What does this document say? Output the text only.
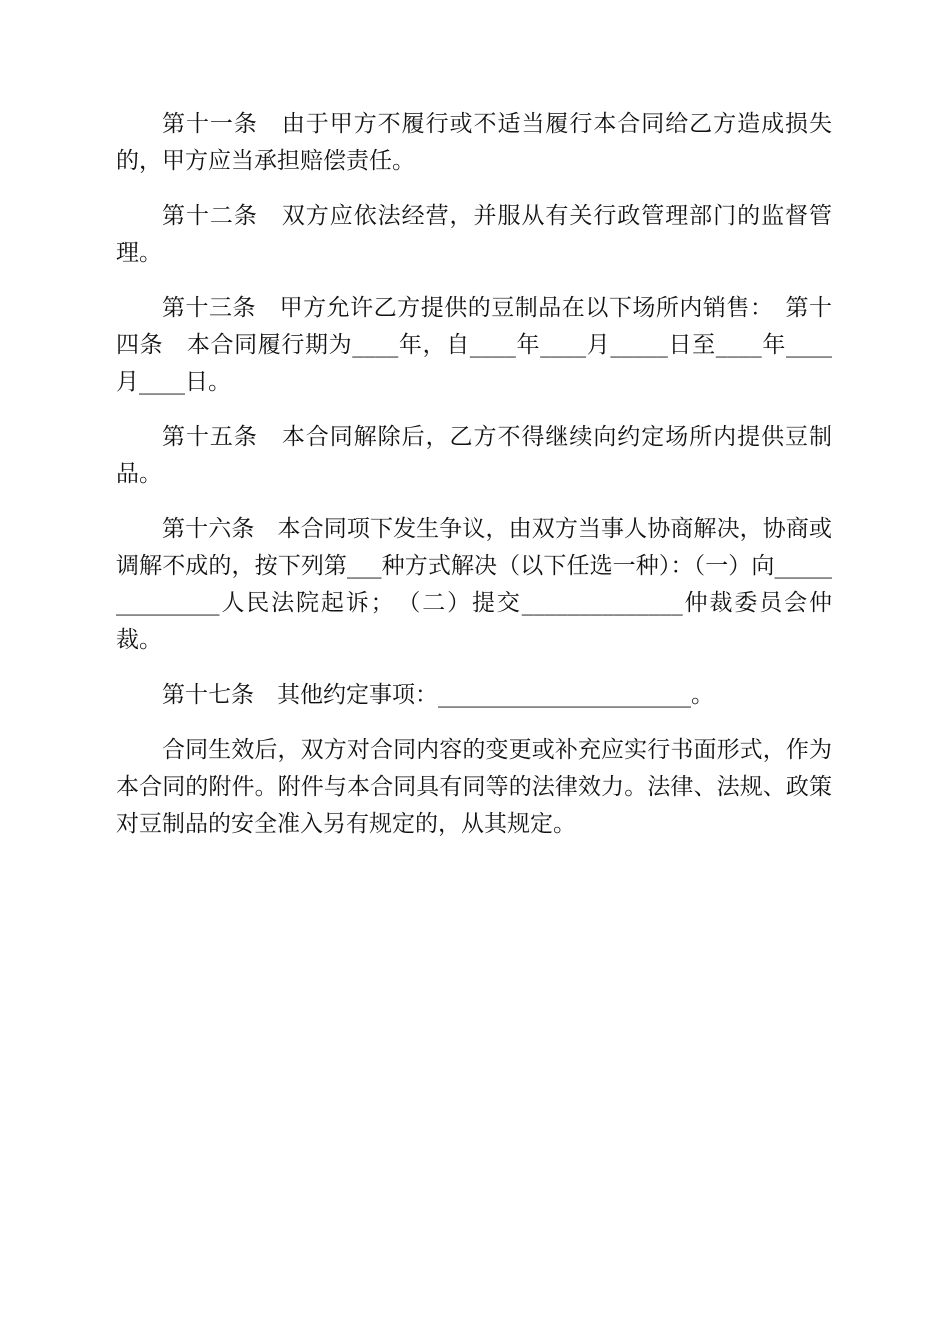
第十一条　由于甲方不履行或不适当履行本合同给乙方造成损失的，甲方应当承担赔偿责任。

第十二条　双方应依法经营，并服从有关行政管理部门的监督管理。

第十三条　甲方允许乙方提供的豆制品在以下场所内销售：　第十四条　本合同履行期为____年，自____年____月_____日至____年____月____日。

第十五条　本合同解除后，乙方不得继续向约定场所内提供豆制品。

第十六条　本合同项下发生争议，由双方当事人协商解决，协商或调解不成的，按下列第___种方式解决（以下任选一种）：（一）向______________人民法院起诉；　（二）提交______________仲裁委员会仲裁。

第十七条　其他约定事项：______________________。

合同生效后，双方对合同内容的变更或补充应实行书面形式，作为本合同的附件。附件与本合同具有同等的法律效力。法律、法规、政策对豆制品的安全准入另有规定的，从其规定。
